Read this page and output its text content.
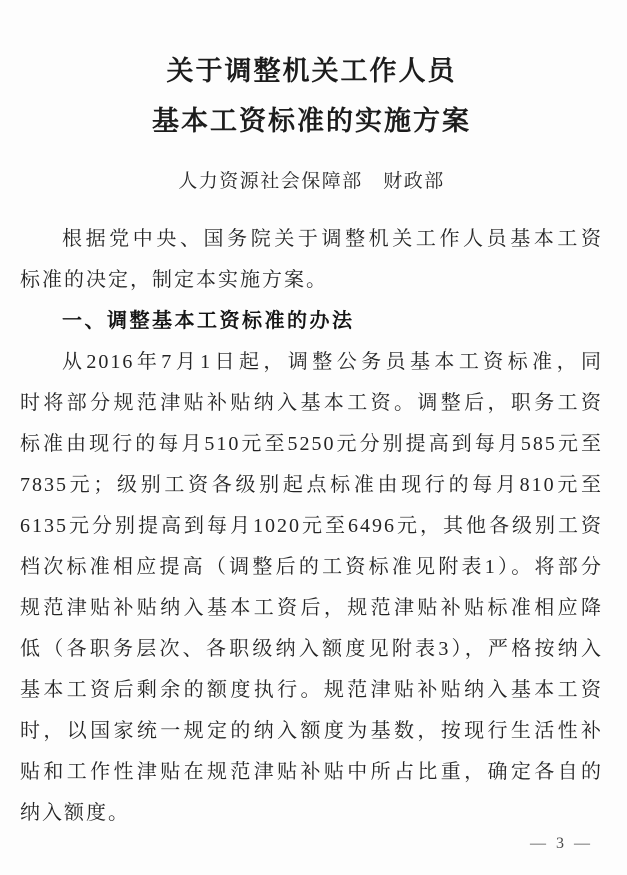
关于调整机关工作人员
基本工资标准的实施方案
人力资源社会保障部　财政部
根据党中央、国务院关于调整机关工作人员基本工资
标准的决定，制定本实施方案。
一、调整基本工资标准的办法
从2016年7月1日起，调整公务员基本工资标准，同
时将部分规范津贴补贴纳入基本工资。调整后，职务工资
标准由现行的每月510元至5250元分别提高到每月585元至
7835元；级别工资各级别起点标准由现行的每月810元至
6135元分别提高到每月1020元至6496元，其他各级别工资
档次标准相应提高（调整后的工资标准见附表1）。将部分
规范津贴补贴纳入基本工资后，规范津贴补贴标准相应降
低（各职务层次、各职级纳入额度见附表3），严格按纳入
基本工资后剩余的额度执行。规范津贴补贴纳入基本工资
时，以国家统一规定的纳入额度为基数，按现行生活性补
贴和工作性津贴在规范津贴补贴中所占比重，确定各自的
纳入额度。
— 3 —
